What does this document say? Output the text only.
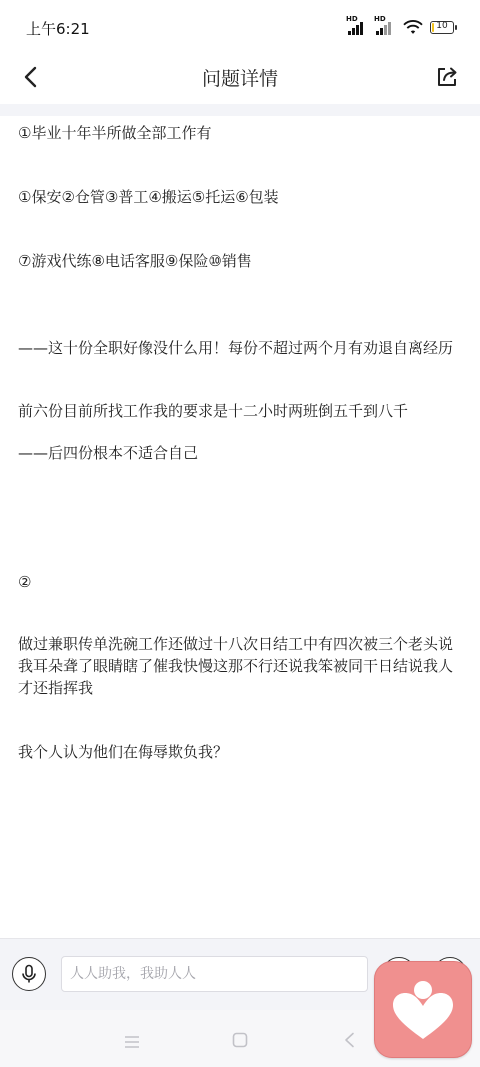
上午6:21
HD HD
10
问题详情

①毕业十年半所做全部工作有

①保安②仓管③普工④搬运⑤托运⑥包装

⑦游戏代练⑧电话客服⑨保险⑩销售

——这十份全职好像没什么用！每份不超过两个月有劝退自离经历

前六份目前所找工作我的要求是十二小时两班倒五千到八千

——后四份根本不适合自己

②

做过兼职传单洗碗工作还做过十八次日结工中有四次被三个老头说我耳朵聋了眼睛瞎了催我快慢这那不行还说我笨被同干日结说我人才还指挥我

我个人认为他们在侮辱欺负我？

人人助我，我助人人
